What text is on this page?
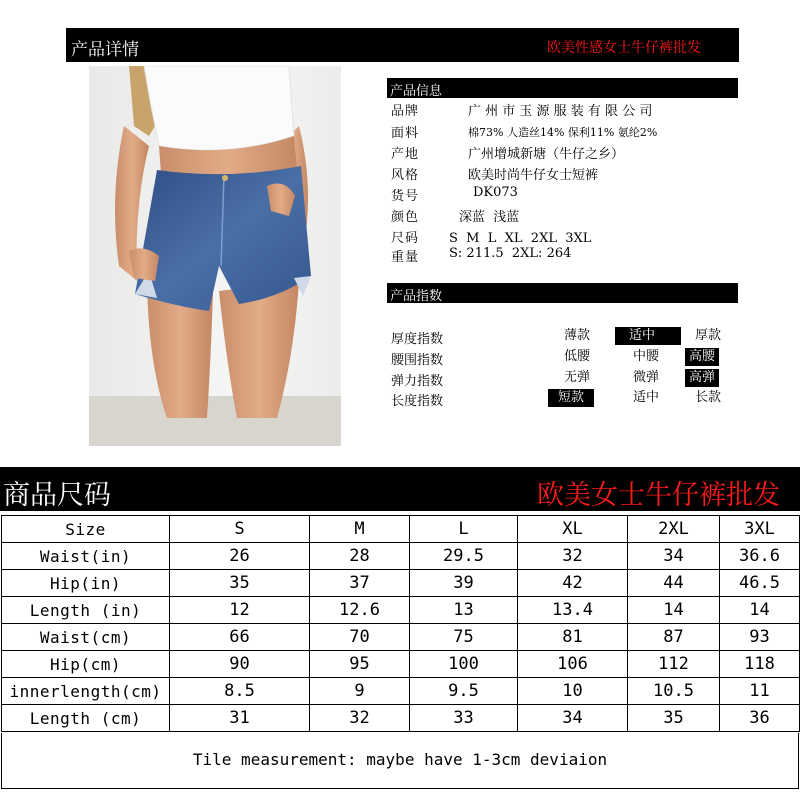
产品详情	欧美性感女士牛仔裤批发
产品信息
品牌	广 州 市 玉 源 服 装 有 限 公 司
面料	棉73% 人造丝14% 保利11% 氨纶2%
产地	广州增城新塘（牛仔之乡）
风格	欧美时尚牛仔女士短裤
货号	DK073
颜色	深蓝  浅蓝
尺码 S  M  L  XL  2XL  3XL
重量 S: 211.5  2XL: 264
产品指数
厚度指数	薄款	适中	厚款
腰围指数	低腰	中腰	高腰
弹力指数	无弹	微弹	高弹
长度指数	短款	适中	长款
商品尺码	欧美女士牛仔裤批发
Size	S	M	L	XL	2XL	3XL
Waist(in)	26	28	29.5	32	34	36.6
Hip(in)	35	37	39	42	44	46.5
Length (in)	12	12.6	13	13.4	14	14
Waist(cm)	66	70	75	81	87	93
Hip(cm)	90	95	100	106	112	118
innerlength(cm)	8.5	9	9.5	10	10.5	11
Length (cm)	31	32	33	34	35	36
Tile measurement: maybe have 1-3cm deviaion
